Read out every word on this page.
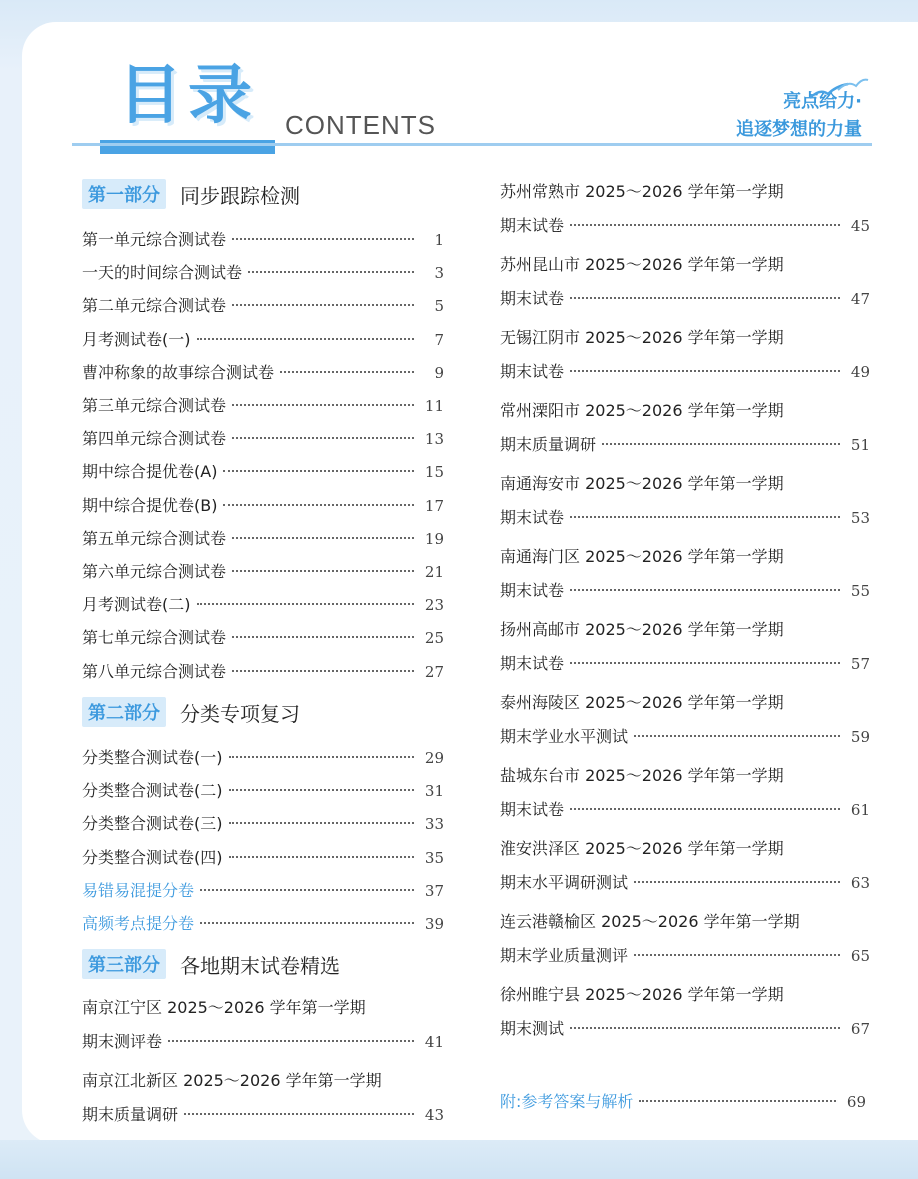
目录 CONTENTS
亮点给力·
追逐梦想的力量
第一部分	同步跟踪检测
第一单元综合测试卷	1
一天的时间综合测试卷	3
第二单元综合测试卷	5
月考测试卷(一)	7
曹冲称象的故事综合测试卷	9
第三单元综合测试卷	11
第四单元综合测试卷	13
期中综合提优卷(A)	15
期中综合提优卷(B)	17
第五单元综合测试卷	19
第六单元综合测试卷	21
月考测试卷(二)	23
第七单元综合测试卷	25
第八单元综合测试卷	27
第二部分	分类专项复习
分类整合测试卷(一)	29
分类整合测试卷(二)	31
分类整合测试卷(三)	33
分类整合测试卷(四)	35
易错易混提分卷	37
高频考点提分卷	39
第三部分	各地期末试卷精选
南京江宁区 2025～2026 学年第一学期
期末测评卷	41
南京江北新区 2025～2026 学年第一学期
期末质量调研	43
苏州常熟市 2025～2026 学年第一学期
期末试卷	45
苏州昆山市 2025～2026 学年第一学期
期末试卷	47
无锡江阴市 2025～2026 学年第一学期
期末试卷	49
常州溧阳市 2025～2026 学年第一学期
期末质量调研	51
南通海安市 2025～2026 学年第一学期
期末试卷	53
南通海门区 2025～2026 学年第一学期
期末试卷	55
扬州高邮市 2025～2026 学年第一学期
期末试卷	57
泰州海陵区 2025～2026 学年第一学期
期末学业水平测试	59
盐城东台市 2025～2026 学年第一学期
期末试卷	61
淮安洪泽区 2025～2026 学年第一学期
期末水平调研测试	63
连云港赣榆区 2025～2026 学年第一学期
期末学业质量测评	65
徐州睢宁县 2025～2026 学年第一学期
期末测试	67
附:参考答案与解析	69
